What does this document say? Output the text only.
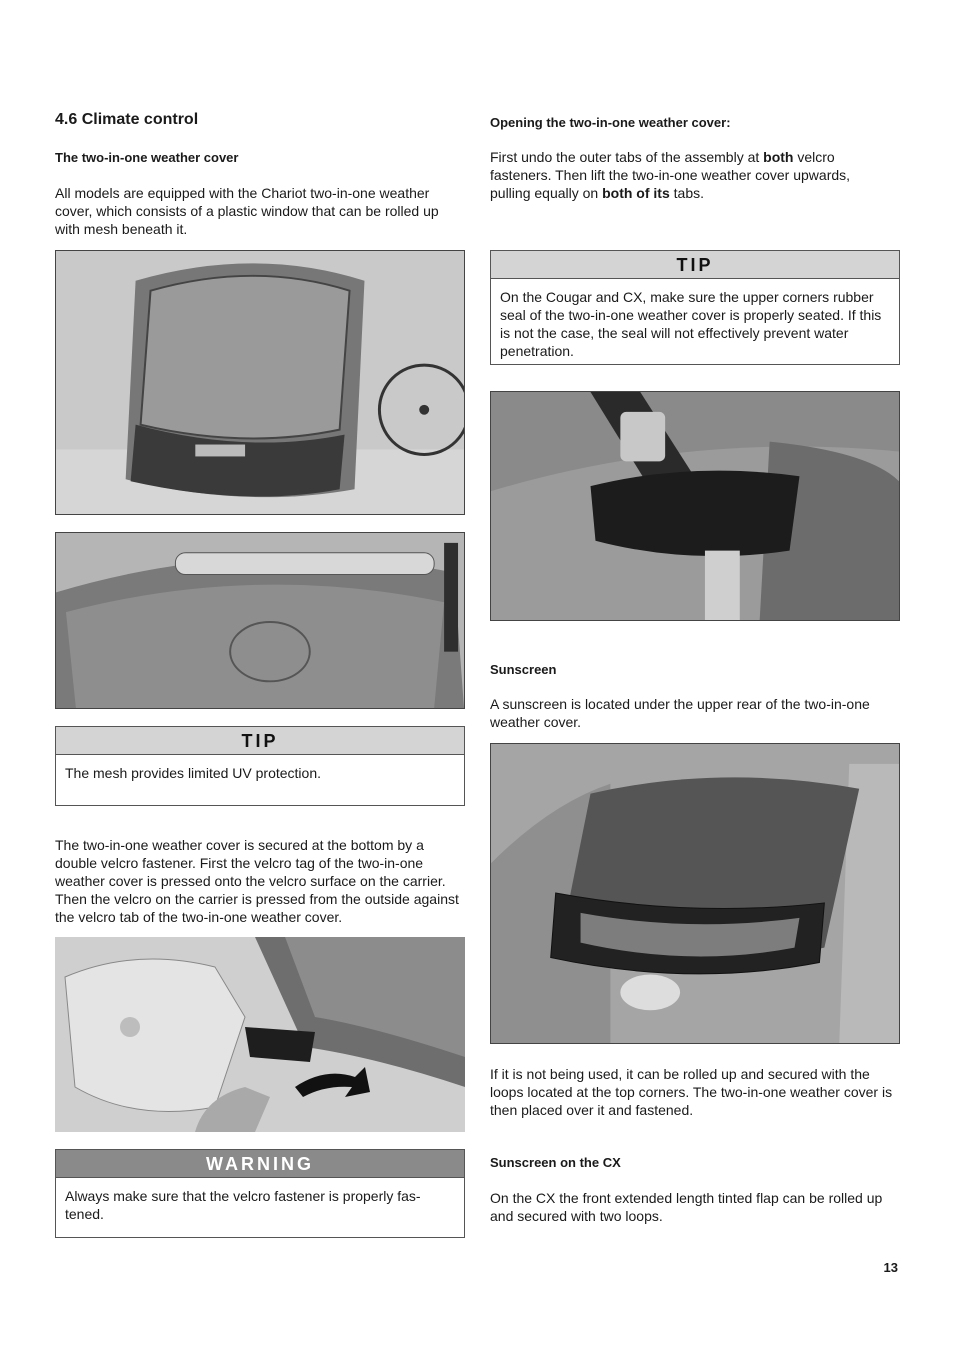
4.6 Climate control

The two-in-one weather cover

All models are equipped with the Chariot two-in-one weather cover, which consists of a plastic window that can be rolled up with mesh beneath it.

TIP
The mesh provides limited UV protection.

The two-in-one weather cover is secured at the bottom by a double velcro fastener. First the velcro tag of the two-in-one weather cover is pressed onto the velcro surface on the carrier. Then the velcro on the carrier is pressed from the outside against the velcro tab of the two-in-one weather cover.

WARNING
Always make sure that the velcro fastener is properly fas-tened.

Opening the two-in-one weather cover:

First undo the outer tabs of the assembly at both velcro fasteners. Then lift the two-in-one weather cover upwards, pulling equally on both of its tabs.

TIP
On the Cougar and CX, make sure the upper corners rubber seal of the two-in-one weather cover is properly seated. If this is not the case, the seal will not effectively prevent water penetration.

Sunscreen

A sunscreen is located under the upper rear of the two-in-one weather cover.

If it is not being used, it can be rolled up and secured with the loops located at the top corners. The two-in-one weather cover is then placed over it and fastened.

Sunscreen on the CX

On the CX the front extended length tinted flap can be rolled up and secured with two loops.

13
